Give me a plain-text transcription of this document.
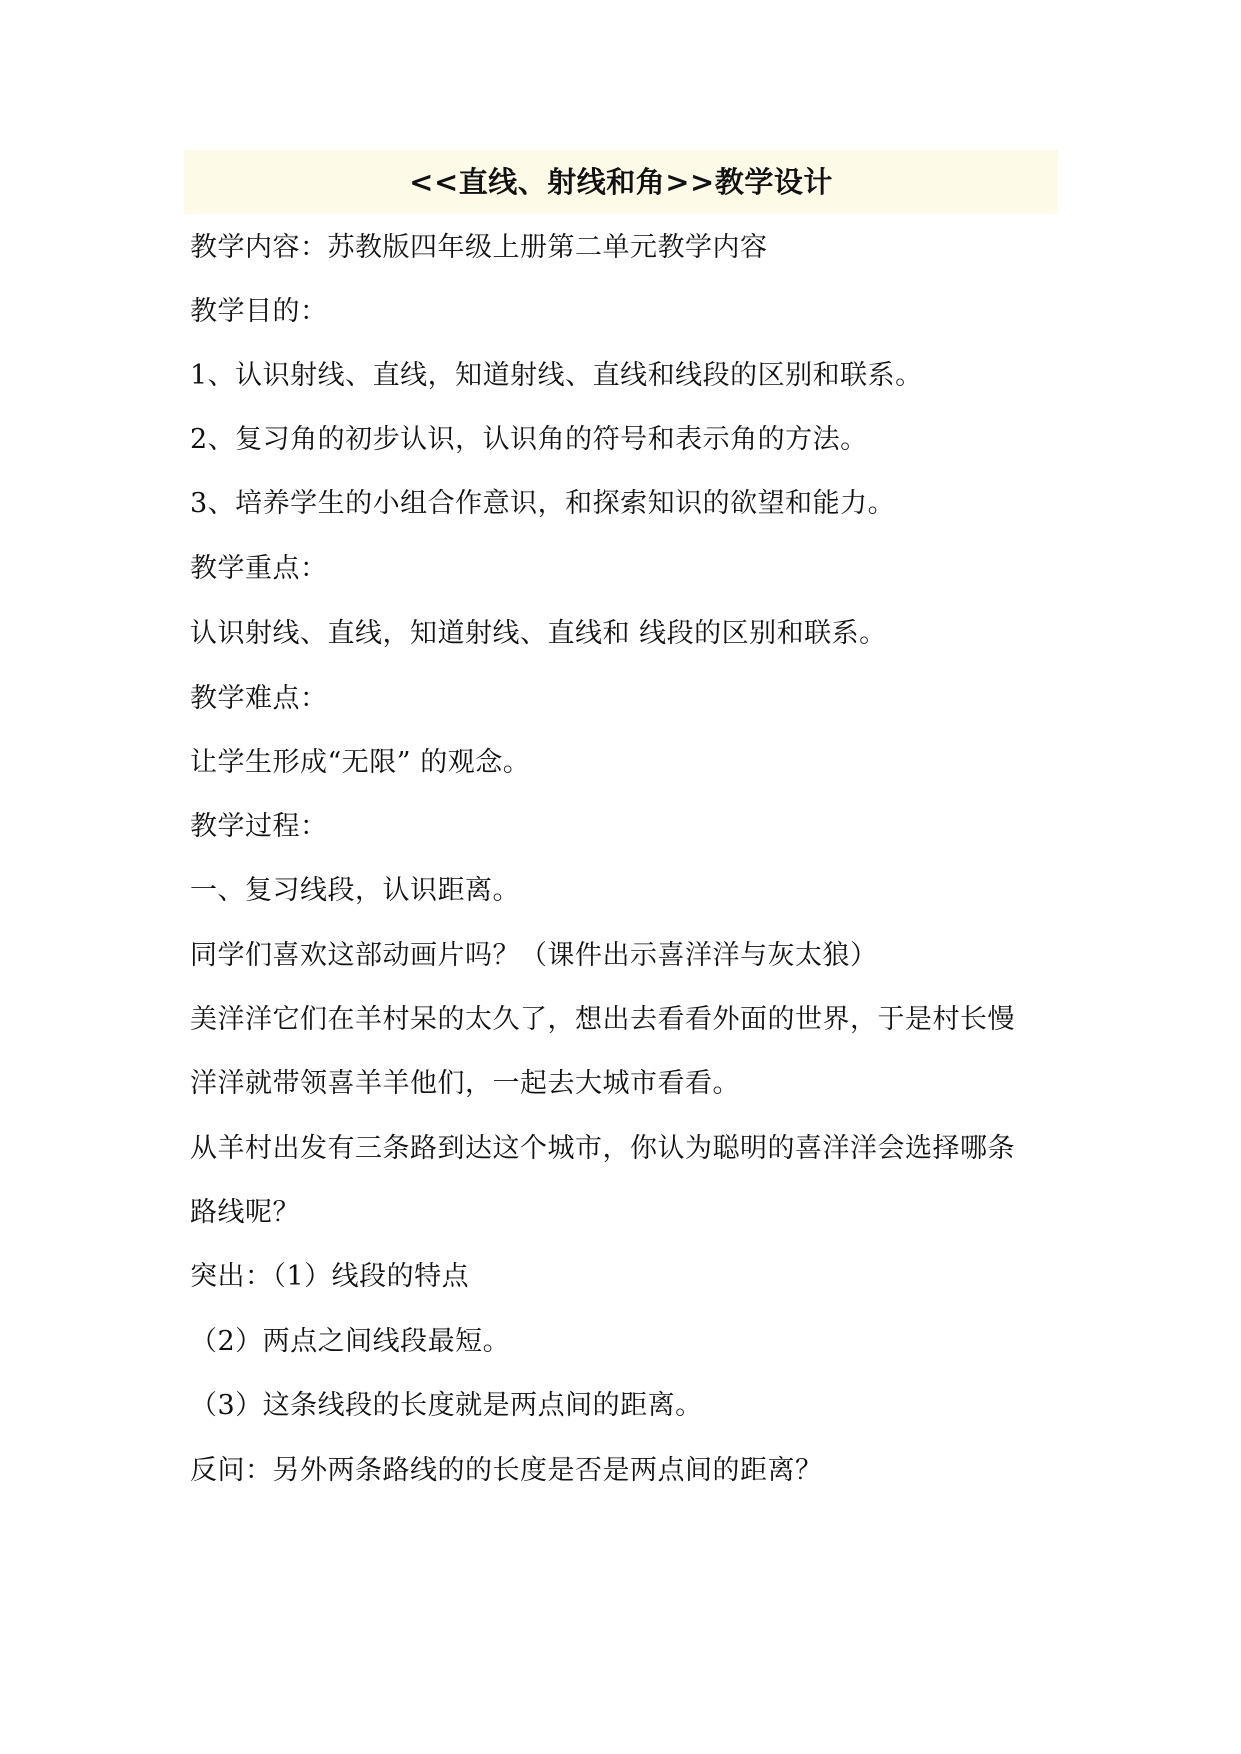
<<直线、射线和角>>教学设计
教学内容：苏教版四年级上册第二单元教学内容
教学目的：
1、认识射线、直线，知道射线、直线和线段的区别和联系。
2、复习角的初步认识，认识角的符号和表示角的方法。
3、培养学生的小组合作意识，和探索知识的欲望和能力。
教学重点：
认识射线、直线，知道射线、直线和 线段的区别和联系。
教学难点：
让学生形成“无限” 的观念。
教学过程：
一、复习线段，认识距离。
同学们喜欢这部动画片吗？（课件出示喜洋洋与灰太狼）
美洋洋它们在羊村呆的太久了，想出去看看外面的世界，于是村长慢
洋洋就带领喜羊羊他们，一起去大城市看看。
从羊村出发有三条路到达这个城市，你认为聪明的喜洋洋会选择哪条
路线呢？
突出：（1）线段的特点
（2）两点之间线段最短。
（3）这条线段的长度就是两点间的距离。
反问：另外两条路线的的长度是否是两点间的距离？
